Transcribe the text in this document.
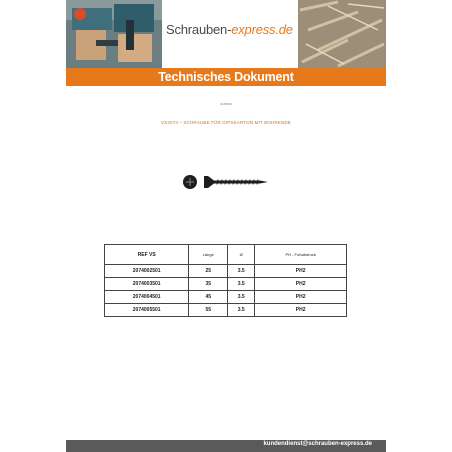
Schrauben-express.de
Technisches Dokument
(KJ9540)
VS2074 – SCHRAUBE FÜR GIPSKARTON MIT BOHRENDE
REF VS	Länge	Ø	PH - Fußabdruck
2074002501	25	3.5	PH2
2074003501	35	3.5	PH2
2074004501	45	3.5	PH2
2074005501	55	3.5	PH2
kundendienst@schrauben-express.de
